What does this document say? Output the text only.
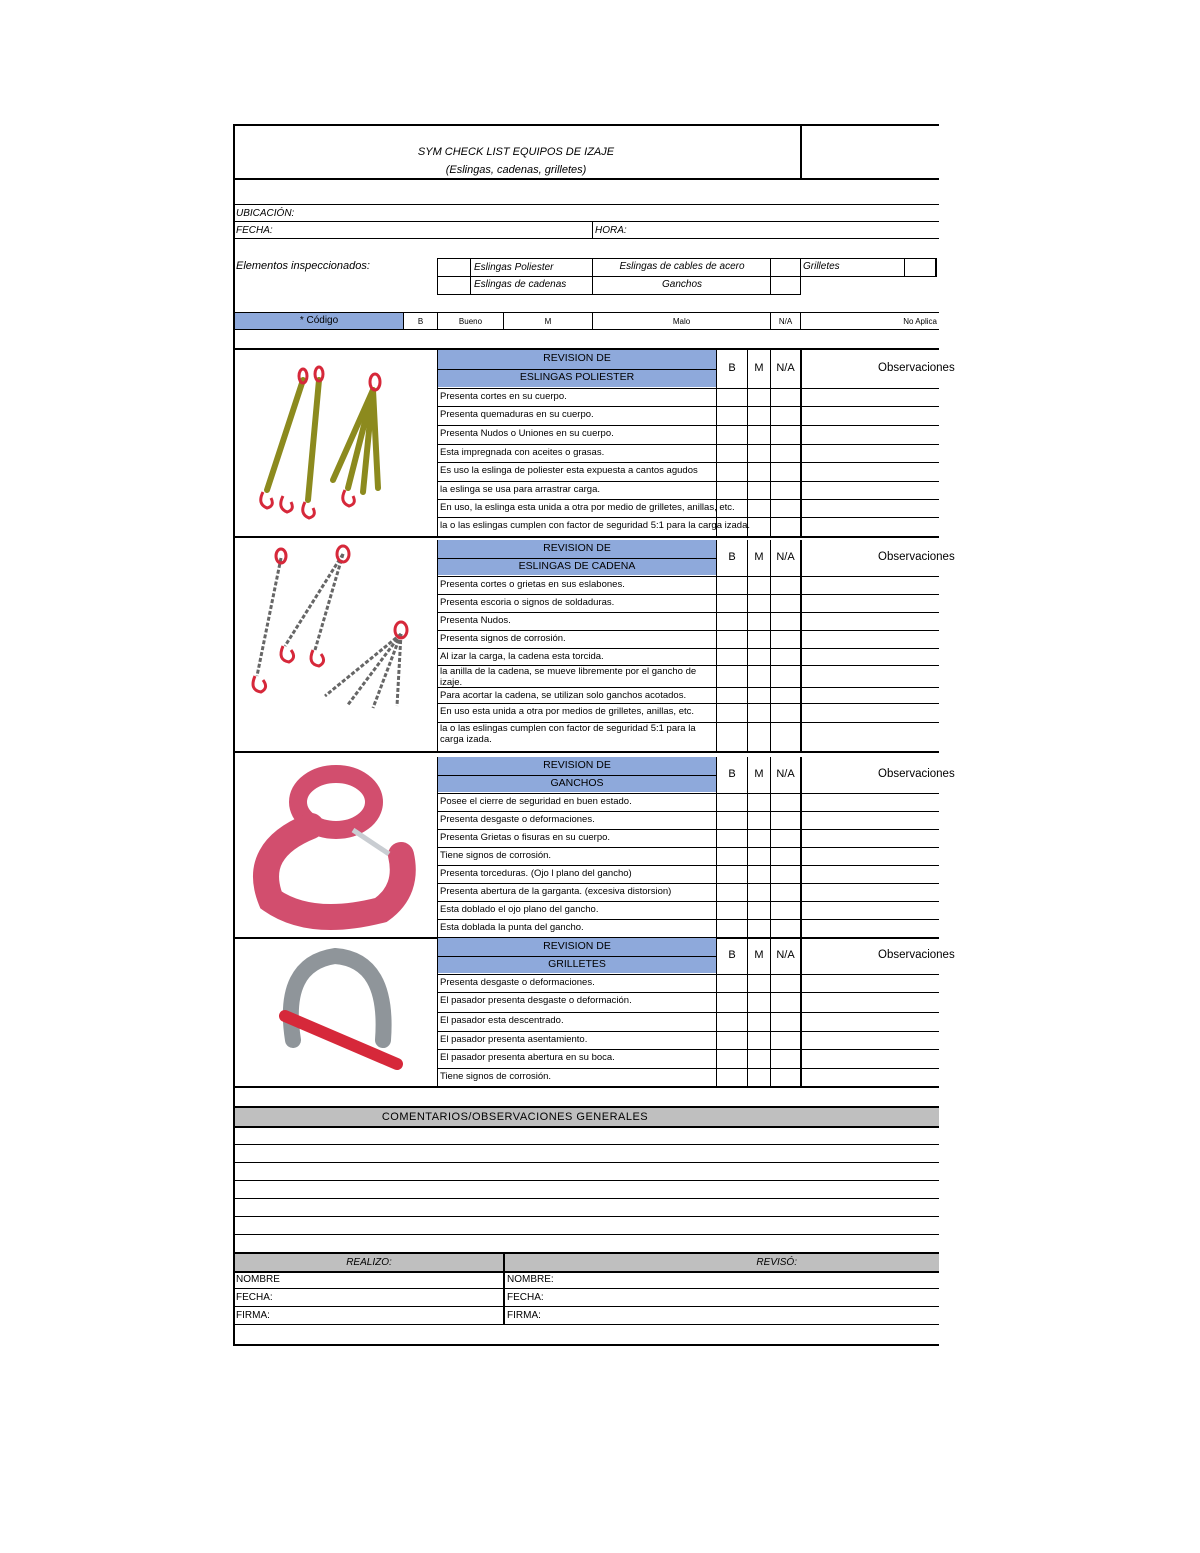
SYM CHECK LIST EQUIPOS DE IZAJE
(Eslingas, cadenas, grilletes)
UBICACIÓN:
FECHA:	HORA:
Elementos inspeccionados:	Eslingas Poliester	Eslingas de cables de acero	Grilletes
Eslingas de cadenas	Ganchos
* Código	B	Bueno	M	Malo	N/A	No Aplica
REVISION DE
ESLINGAS POLIESTER
B	M	N/A	Observaciones
Presenta cortes en su cuerpo.
Presenta quemaduras en su cuerpo.
Presenta Nudos o Uniones en su cuerpo.
Esta impregnada con aceites o grasas.
Es uso la eslinga de poliester esta expuesta a cantos agudos
la eslinga se usa para arrastrar carga.
En uso, la eslinga esta unida a otra por medio de grilletes, anillas, etc.
la o las eslingas cumplen con factor de seguridad 5:1 para la carga izada.
REVISION DE
ESLINGAS DE CADENA
B	M	N/A	Observaciones
Presenta cortes o grietas en sus eslabones.
Presenta escoria o signos de soldaduras.
Presenta Nudos.
Presenta signos de corrosión.
Al izar la carga, la cadena esta torcida.
la anilla de la cadena, se mueve libremente por el gancho de izaje.
Para acortar la cadena, se utilizan solo ganchos acotados.
En uso esta unida a otra por medios de grilletes, anillas, etc.
la o las eslingas cumplen con factor de seguridad 5:1 para la carga izada.
REVISION DE
GANCHOS
B	M	N/A	Observaciones
Posee el cierre de seguridad en buen estado.
Presenta desgaste o deformaciones.
Presenta Grietas o fisuras en su cuerpo.
Tiene signos de corrosión.
Presenta torceduras. (Ojo l plano del gancho)
Presenta abertura de la garganta. (excesiva distorsion)
Esta doblado el ojo plano del gancho.
Esta doblada la punta del gancho.
REVISION DE
GRILLETES
B	M	N/A	Observaciones
Presenta desgaste o deformaciones.
El pasador presenta desgaste o deformación.
El pasador esta descentrado.
El pasador presenta asentamiento.
El pasador presenta abertura en su boca.
Tiene signos de corrosión.
COMENTARIOS/OBSERVACIONES GENERALES
REALIZO:	REVISÓ:
NOMBRE	NOMBRE:
FECHA:	FECHA:
FIRMA:	FIRMA:
